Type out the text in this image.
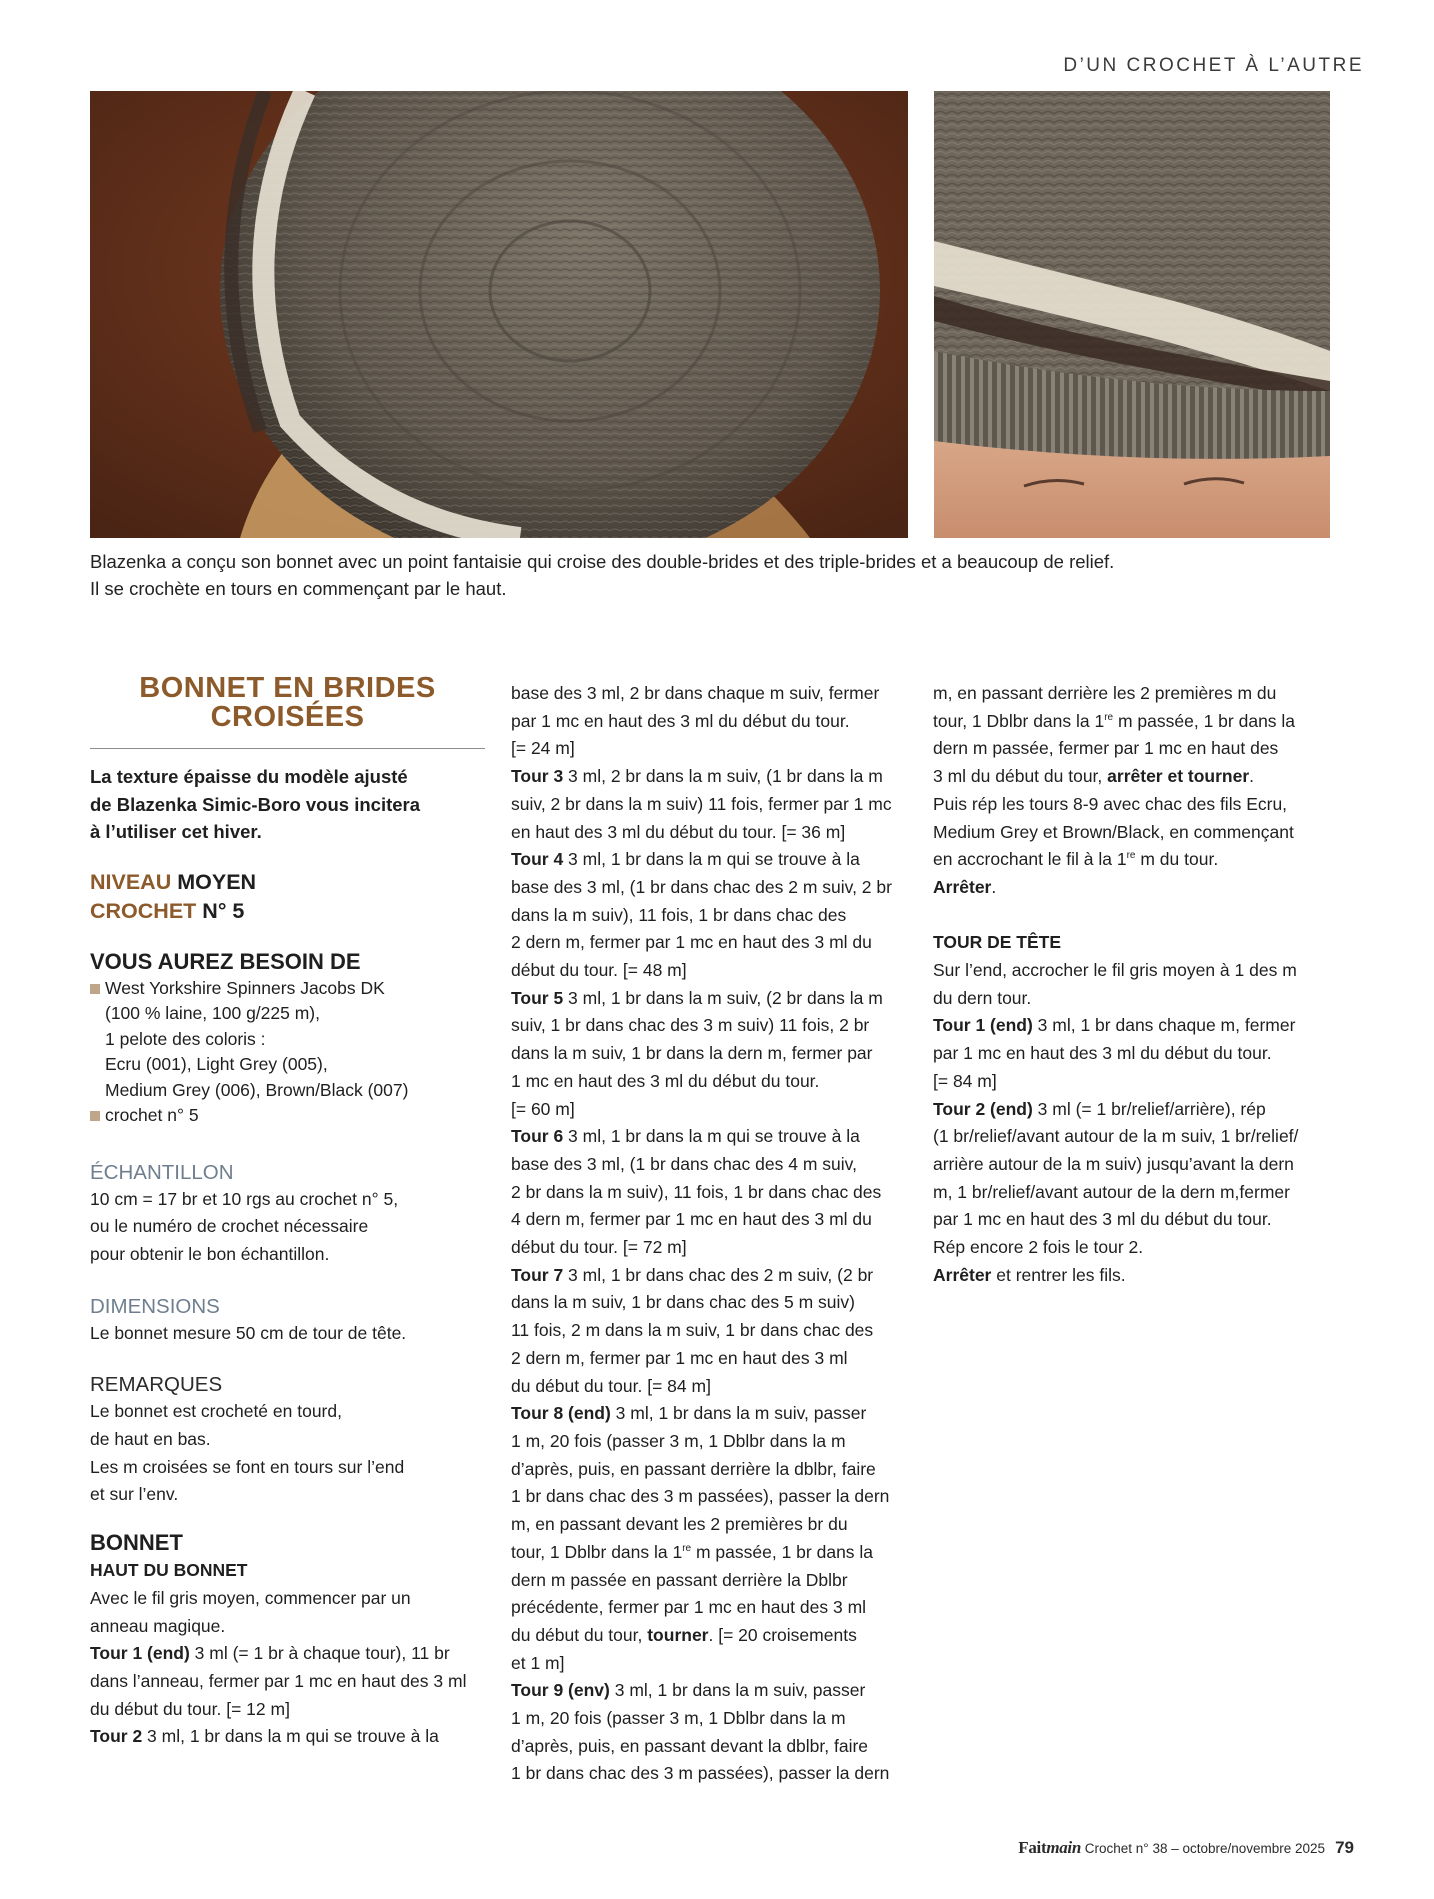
D’UN CROCHET À L’AUTRE
Blazenka a conçu son bonnet avec un point fantaisie qui croise des double-brides et des triple-brides et a beaucoup de relief.
Il se crochète en tours en commençant par le haut.
BONNET EN BRIDES
CROISÉES
La texture épaisse du modèle ajusté
de Blazenka Simic-Boro vous incitera
à l’utiliser cet hiver.
NIVEAU MOYEN
CROCHET N° 5
VOUS AUREZ BESOIN DE
West Yorkshire Spinners Jacobs DK
(100 % laine, 100 g/225 m),
1 pelote des coloris :
Ecru (001), Light Grey (005),
Medium Grey (006), Brown/Black (007)
crochet n° 5
ÉCHANTILLON
10 cm = 17 br et 10 rgs au crochet n° 5,
ou le numéro de crochet nécessaire
pour obtenir le bon échantillon.
DIMENSIONS
Le bonnet mesure 50 cm de tour de tête.
REMARQUES
Le bonnet est crocheté en tourd,
de haut en bas.
Les m croisées se font en tours sur l’end
et sur l’env.
BONNET
HAUT DU BONNET
Avec le fil gris moyen, commencer par un
anneau magique.
Tour 1 (end) 3 ml (= 1 br à chaque tour), 11 br
dans l’anneau, fermer par 1 mc en haut des 3 ml
du début du tour. [= 12 m]
Tour 2 3 ml, 1 br dans la m qui se trouve à la
base des 3 ml, 2 br dans chaque m suiv, fermer
par 1 mc en haut des 3 ml du début du tour.
[= 24 m]
Tour 3 3 ml, 2 br dans la m suiv, (1 br dans la m
suiv, 2 br dans la m suiv) 11 fois, fermer par 1 mc
en haut des 3 ml du début du tour. [= 36 m]
Tour 4 3 ml, 1 br dans la m qui se trouve à la
base des 3 ml, (1 br dans chac des 2 m suiv, 2 br
dans la m suiv), 11 fois, 1 br dans chac des
2 dern m, fermer par 1 mc en haut des 3 ml du
début du tour. [= 48 m]
Tour 5 3 ml, 1 br dans la m suiv, (2 br dans la m
suiv, 1 br dans chac des 3 m suiv) 11 fois, 2 br
dans la m suiv, 1 br dans la dern m, fermer par
1 mc en haut des 3 ml du début du tour.
[= 60 m]
Tour 6 3 ml, 1 br dans la m qui se trouve à la
base des 3 ml, (1 br dans chac des 4 m suiv,
2 br dans la m suiv), 11 fois, 1 br dans chac des
4 dern m, fermer par 1 mc en haut des 3 ml du
début du tour. [= 72 m]
Tour 7 3 ml, 1 br dans chac des 2 m suiv, (2 br
dans la m suiv, 1 br dans chac des 5 m suiv)
11 fois, 2 m dans la m suiv, 1 br dans chac des
2 dern m, fermer par 1 mc en haut des 3 ml
du début du tour. [= 84 m]
Tour 8 (end) 3 ml, 1 br dans la m suiv, passer
1 m, 20 fois (passer 3 m, 1 Dblbr dans la m
d’après, puis, en passant derrière la dblbr, faire
1 br dans chac des 3 m passées), passer la dern
m, en passant devant les 2 premières br du
tour, 1 Dblbr dans la 1re m passée, 1 br dans la
dern m passée en passant derrière la Dblbr
précédente, fermer par 1 mc en haut des 3 ml
du début du tour, tourner. [= 20 croisements
et 1 m]
Tour 9 (env) 3 ml, 1 br dans la m suiv, passer
1 m, 20 fois (passer 3 m, 1 Dblbr dans la m
d’après, puis, en passant devant la dblbr, faire
1 br dans chac des 3 m passées), passer la dern
m, en passant derrière les 2 premières m du
tour, 1 Dblbr dans la 1re m passée, 1 br dans la
dern m passée, fermer par 1 mc en haut des
3 ml du début du tour, arrêter et tourner.
Puis rép les tours 8-9 avec chac des fils Ecru,
Medium Grey et Brown/Black, en commençant
en accrochant le fil à la 1re m du tour.
Arrêter.
TOUR DE TÊTE
Sur l’end, accrocher le fil gris moyen à 1 des m
du dern tour.
Tour 1 (end) 3 ml, 1 br dans chaque m, fermer
par 1 mc en haut des 3 ml du début du tour.
[= 84 m]
Tour 2 (end) 3 ml (= 1 br/relief/arrière), rép
(1 br/relief/avant autour de la m suiv, 1 br/relief/
arrière autour de la m suiv) jusqu’avant la dern
m, 1 br/relief/avant autour de la dern m,fermer
par 1 mc en haut des 3 ml du début du tour.
Rép encore 2 fois le tour 2.
Arrêter et rentrer les fils.
Faitmain Crochet n° 38 – octobre/novembre 2025 79
